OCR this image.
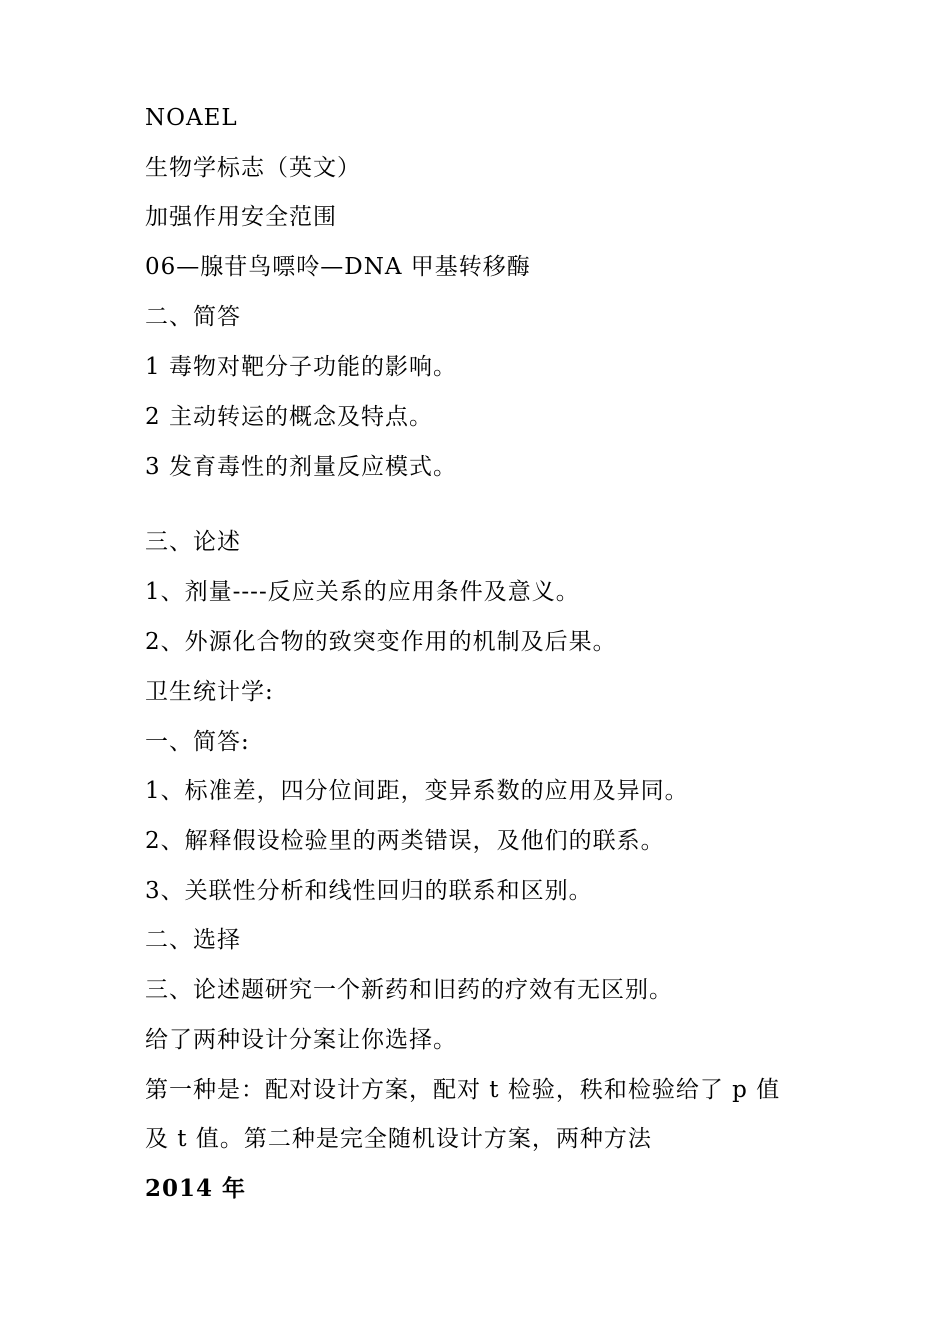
NOAEL
生物学标志（英文）
加强作用安全范围
06—腺苷鸟嘌呤—DNA 甲基转移酶
二、简答
1 毒物对靶分子功能的影响。
2 主动转运的概念及特点。
3 发育毒性的剂量反应模式。
三、论述
1、剂量----反应关系的应用条件及意义。
2、外源化合物的致突变作用的机制及后果。
卫生统计学:
一、简答:
1、标准差，四分位间距，变异系数的应用及异同。
2、解释假设检验里的两类错误，及他们的联系。
3、关联性分析和线性回归的联系和区别。
二、选择
三、论述题研究一个新药和旧药的疗效有无区别。
给了两种设计分案让你选择。
第一种是：配对设计方案，配对 t 检验，秩和检验给了 p 值
及 t 值。第二种是完全随机设计方案，两种方法
2014 年
